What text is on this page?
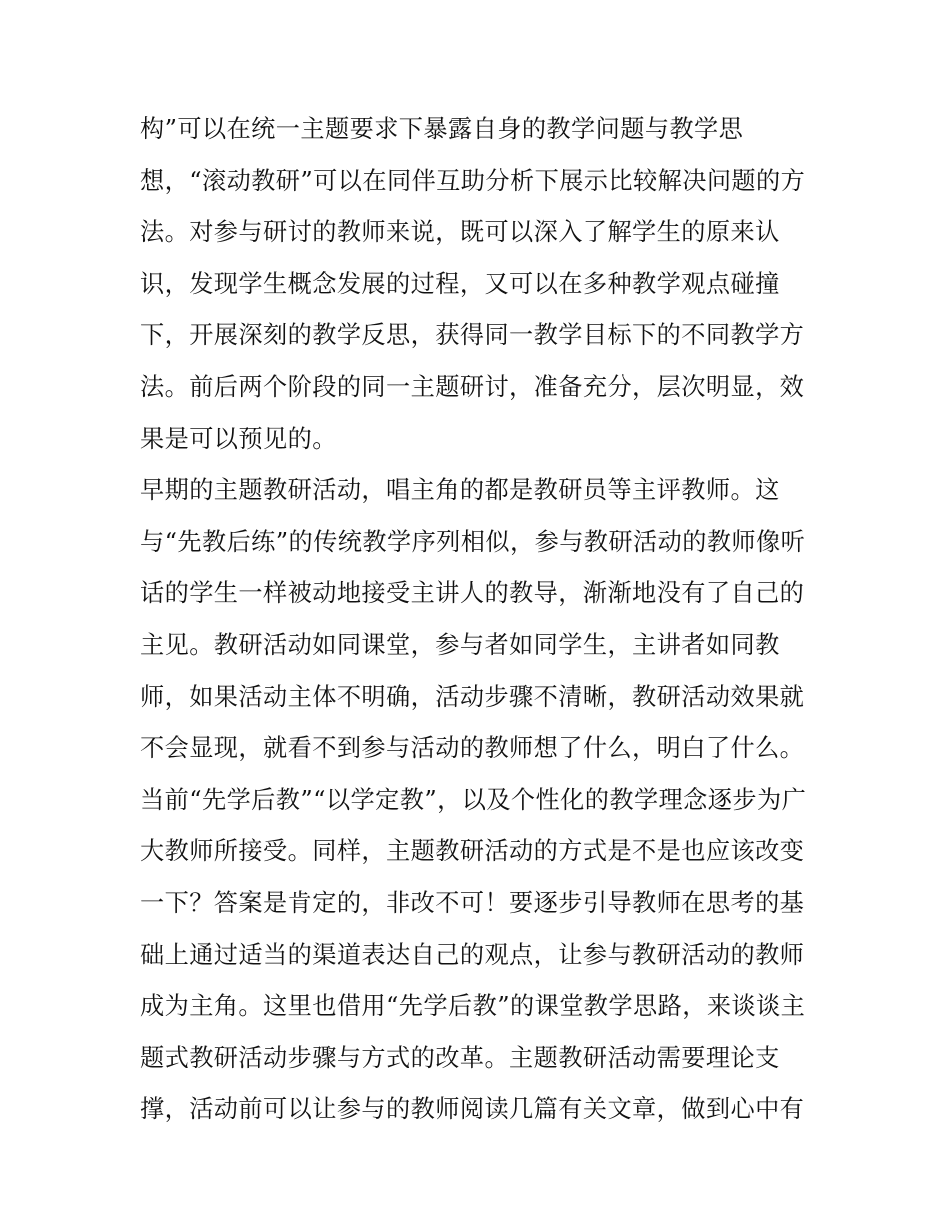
构”可以在统一主题要求下暴露自身的教学问题与教学思
想，“滚动教研”可以在同伴互助分析下展示比较解决问题的方
法。对参与研讨的教师来说，既可以深入了解学生的原来认
识，发现学生概念发展的过程，又可以在多种教学观点碰撞
下，开展深刻的教学反思，获得同一教学目标下的不同教学方
法。前后两个阶段的同一主题研讨，准备充分，层次明显，效
果是可以预见的。
早期的主题教研活动，唱主角的都是教研员等主评教师。这
与“先教后练”的传统教学序列相似，参与教研活动的教师像听
话的学生一样被动地接受主讲人的教导，渐渐地没有了自己的
主见。教研活动如同课堂，参与者如同学生，主讲者如同教
师，如果活动主体不明确，活动步骤不清晰，教研活动效果就
不会显现，就看不到参与活动的教师想了什么，明白了什么。
当前“先学后教”“以学定教”，以及个性化的教学理念逐步为广
大教师所接受。同样，主题教研活动的方式是不是也应该改变
一下？答案是肯定的，非改不可！要逐步引导教师在思考的基
础上通过适当的渠道表达自己的观点，让参与教研活动的教师
成为主角。这里也借用“先学后教”的课堂教学思路，来谈谈主
题式教研活动步骤与方式的改革。主题教研活动需要理论支
撑，活动前可以让参与的教师阅读几篇有关文章，做到心中有
